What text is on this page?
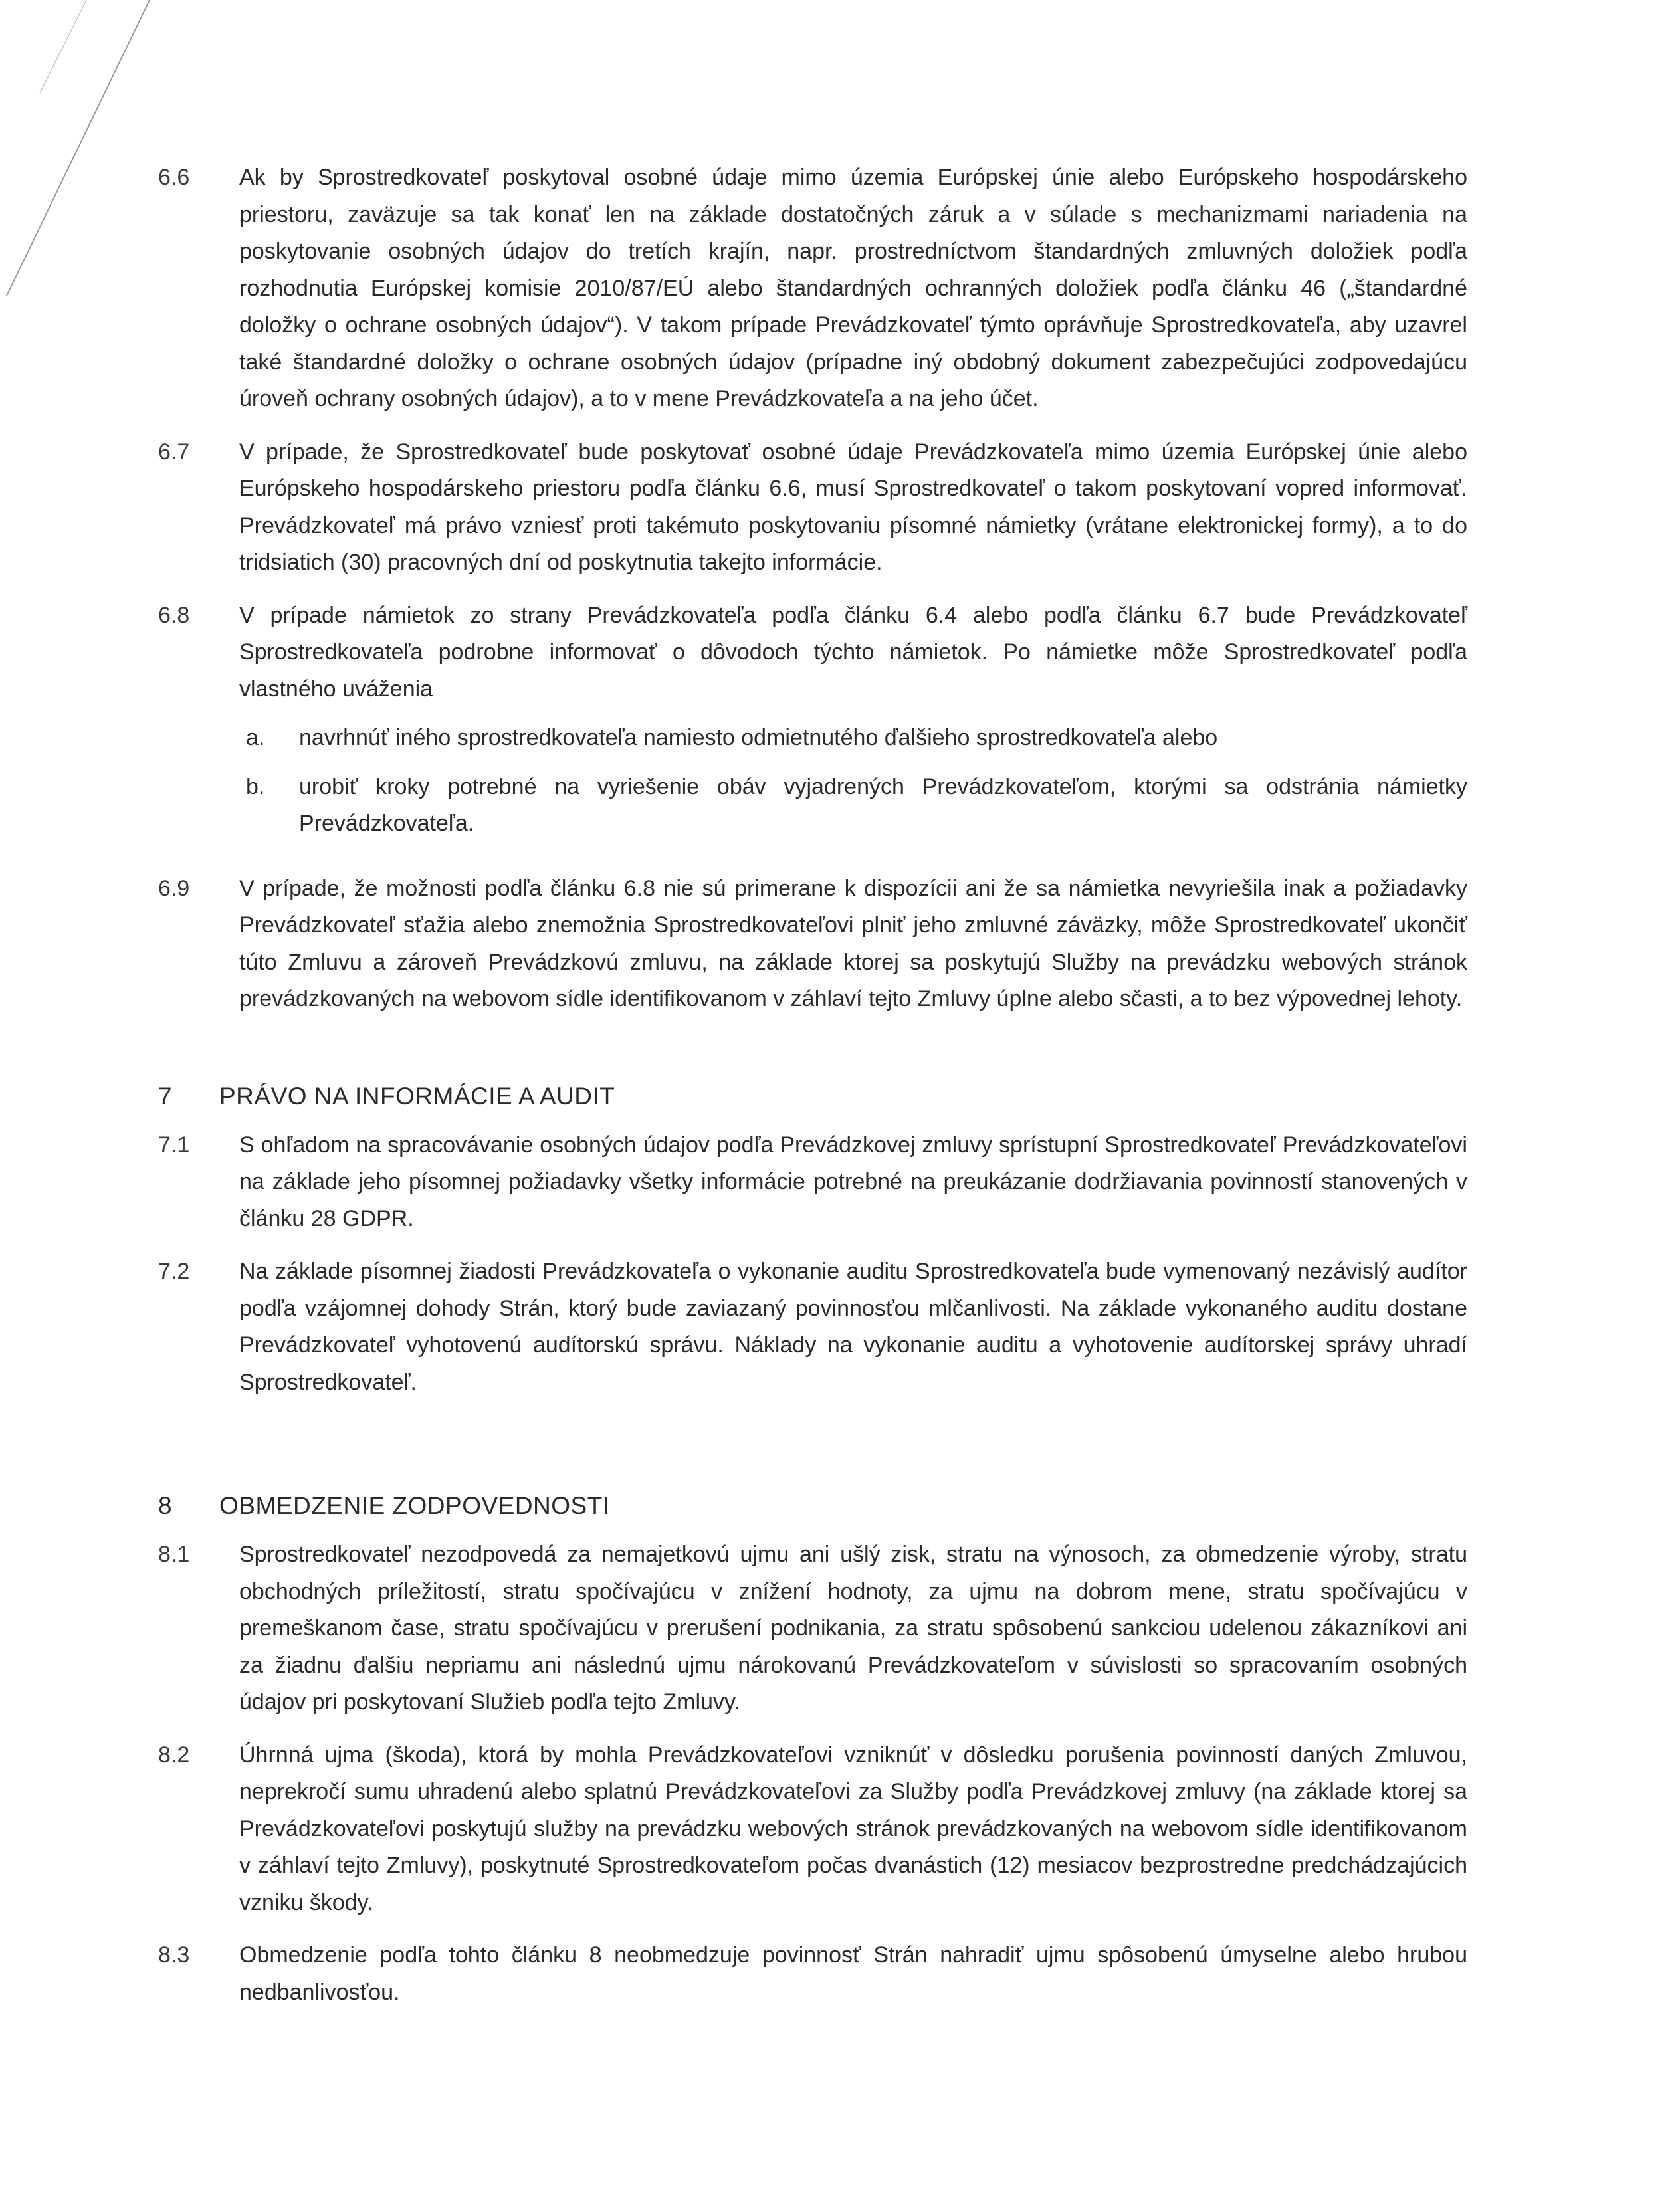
6.6	Ak by Sprostredkovateľ poskytoval osobné údaje mimo územia Európskej únie alebo Európskeho hospodárskeho priestoru, zaväzuje sa tak konať len na základe dostatočných záruk a v súlade s mechanizmami nariadenia na poskytovanie osobných údajov do tretích krajín, napr. prostredníctvom štandardných zmluvných doložiek podľa rozhodnutia Európskej komisie 2010/87/EÚ alebo štandardných ochranných doložiek podľa článku 46 („štandardné doložky o ochrane osobných údajov“). V takom prípade Prevádzkovateľ týmto oprávňuje Sprostredkovateľa, aby uzavrel také štandardné doložky o ochrane osobných údajov (prípadne iný obdobný dokument zabezpečujúci zodpovedajúcu úroveň ochrany osobných údajov), a to v mene Prevádzkovateľa a na jeho účet.
6.7	V prípade, že Sprostredkovateľ bude poskytovať osobné údaje Prevádzkovateľa mimo územia Európskej únie alebo Európskeho hospodárskeho priestoru podľa článku 6.6, musí Sprostredkovateľ o takom poskytovaní vopred informovať. Prevádzkovateľ má právo vzniesť proti takémuto poskytovaniu písomné námietky (vrátane elektronickej formy), a to do tridsiatich (30) pracovných dní od poskytnutia takejto informácie.
6.8	V prípade námietok zo strany Prevádzkovateľa podľa článku 6.4 alebo podľa článku 6.7 bude Prevádzkovateľ Sprostredkovateľa podrobne informovať o dôvodoch týchto námietok. Po námietke môže Sprostredkovateľ podľa vlastného uváženia
a.	navrhnúť iného sprostredkovateľa namiesto odmietnutého ďalšieho sprostredkovateľa alebo
b.	urobiť kroky potrebné na vyriešenie obáv vyjadrených Prevádzkovateľom, ktorými sa odstránia námietky Prevádzkovateľa.
6.9	V prípade, že možnosti podľa článku 6.8 nie sú primerane k dispozícii ani že sa námietka nevyriešila inak a požiadavky Prevádzkovateľ sťažia alebo znemožnia Sprostredkovateľovi plniť jeho zmluvné záväzky, môže Sprostredkovateľ ukončiť túto Zmluvu a zároveň Prevádzkovú zmluvu, na základe ktorej sa poskytujú Služby na prevádzku webových stránok prevádzkovaných na webovom sídle identifikovanom v záhlaví tejto Zmluvy úplne alebo sčasti, a to bez výpovednej lehoty.
7	PRÁVO NA INFORMÁCIE A AUDIT
7.1	S ohľadom na spracovávanie osobných údajov podľa Prevádzkovej zmluvy sprístupní Sprostredkovateľ Prevádzkovateľovi na základe jeho písomnej požiadavky všetky informácie potrebné na preukázanie dodržiavania povinností stanovených v článku 28 GDPR.
7.2	Na základe písomnej žiadosti Prevádzkovateľa o vykonanie auditu Sprostredkovateľa bude vymenovaný nezávislý audítor podľa vzájomnej dohody Strán, ktorý bude zaviazaný povinnosťou mlčanlivosti. Na základe vykonaného auditu dostane Prevádzkovateľ vyhotovenú audítorskú správu. Náklady na vykonanie auditu a vyhotovenie audítorskej správy uhradí Sprostredkovateľ.
8	OBMEDZENIE ZODPOVEDNOSTI
8.1	Sprostredkovateľ nezodpovedá za nemajetkovú ujmu ani ušlý zisk, stratu na výnosoch, za obmedzenie výroby, stratu obchodných príležitostí, stratu spočívajúcu v znížení hodnoty, za ujmu na dobrom mene, stratu spočívajúcu v premeškanom čase, stratu spočívajúcu v prerušení podnikania, za stratu spôsobenú sankciou udelenou zákazníkovi ani za žiadnu ďalšiu nepriamu ani následnú ujmu nárokovanú Prevádzkovateľom v súvislosti so spracovaním osobných údajov pri poskytovaní Služieb podľa tejto Zmluvy.
8.2	Úhrnná ujma (škoda), ktorá by mohla Prevádzkovateľovi vzniknúť v dôsledku porušenia povinností daných Zmluvou, neprekročí sumu uhradenú alebo splatnú Prevádzkovateľovi za Služby podľa Prevádzkovej zmluvy (na základe ktorej sa Prevádzkovateľovi poskytujú služby na prevádzku webových stránok prevádzkovaných na webovom sídle identifikovanom v záhlaví tejto Zmluvy), poskytnuté Sprostredkovateľom počas dvanástich (12) mesiacov bezprostredne predchádzajúcich vzniku škody.
8.3	Obmedzenie podľa tohto článku 8 neobmedzuje povinnosť Strán nahradiť ujmu spôsobenú úmyselne alebo hrubou nedbanlivosťou.
